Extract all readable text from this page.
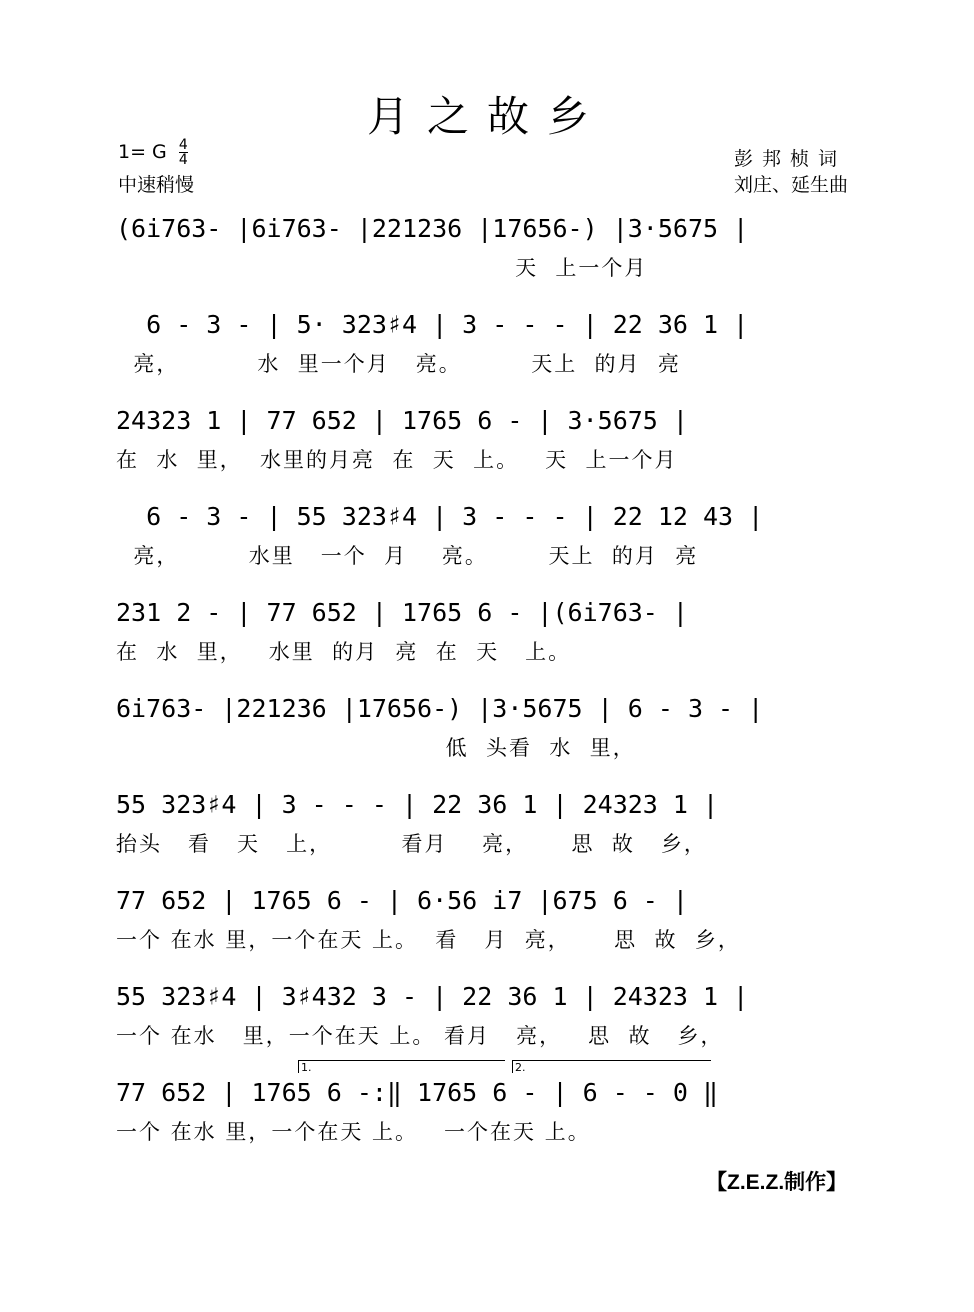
月之故乡
1= G $\frac{4}{4}$
中速稍慢
彭邦桢词
刘庄、延生曲
(6i763- |6i763- |221236 |17656-) |3·5675 |
天  上一个月
6 - 3 - | 5· 323♯4 | 3 - - - | 22 36 1 |
亮，         水  里一个月   亮。        天上  的月  亮
24323 1 | 77 652 | 1765 6 - | 3·5675 |
在  水  里，  水里的月亮  在  天  上。   天  上一个月
6 - 3 - | 55 323♯4 | 3 - - - | 22 12 43 |
亮，        水里   一个  月    亮。       天上  的月  亮
231 2 - | 77 652 | 1765 6 - |(6i763- |
在  水  里，   水里  的月  亮  在  天   上。
6i763- |221236 |17656-) |3·5675 | 6 - 3 - |
低  头看  水  里，
55 323♯4 | 3 - - - | 22 36 1 | 24323 1 |
抬头   看   天   上，        看月    亮，     思  故   乡，
77 652 | 1765 6 - | 6·56 i7 |675 6 - |
一个 在水 里，一个在天 上。  看   月  亮，     思  故  乡，
55 323♯4 | 3♯432 3 - | 22 36 1 | 24323 1 |
一个 在水   里，一个在天 上。 看月   亮，   思  故   乡，
1.	2.
77 652 | 1765 6 -:‖ 1765 6 - | 6 - - 0 ‖
一个 在水 里，一个在天 上。   一个在天 上。
【Z.E.Z.制作】
